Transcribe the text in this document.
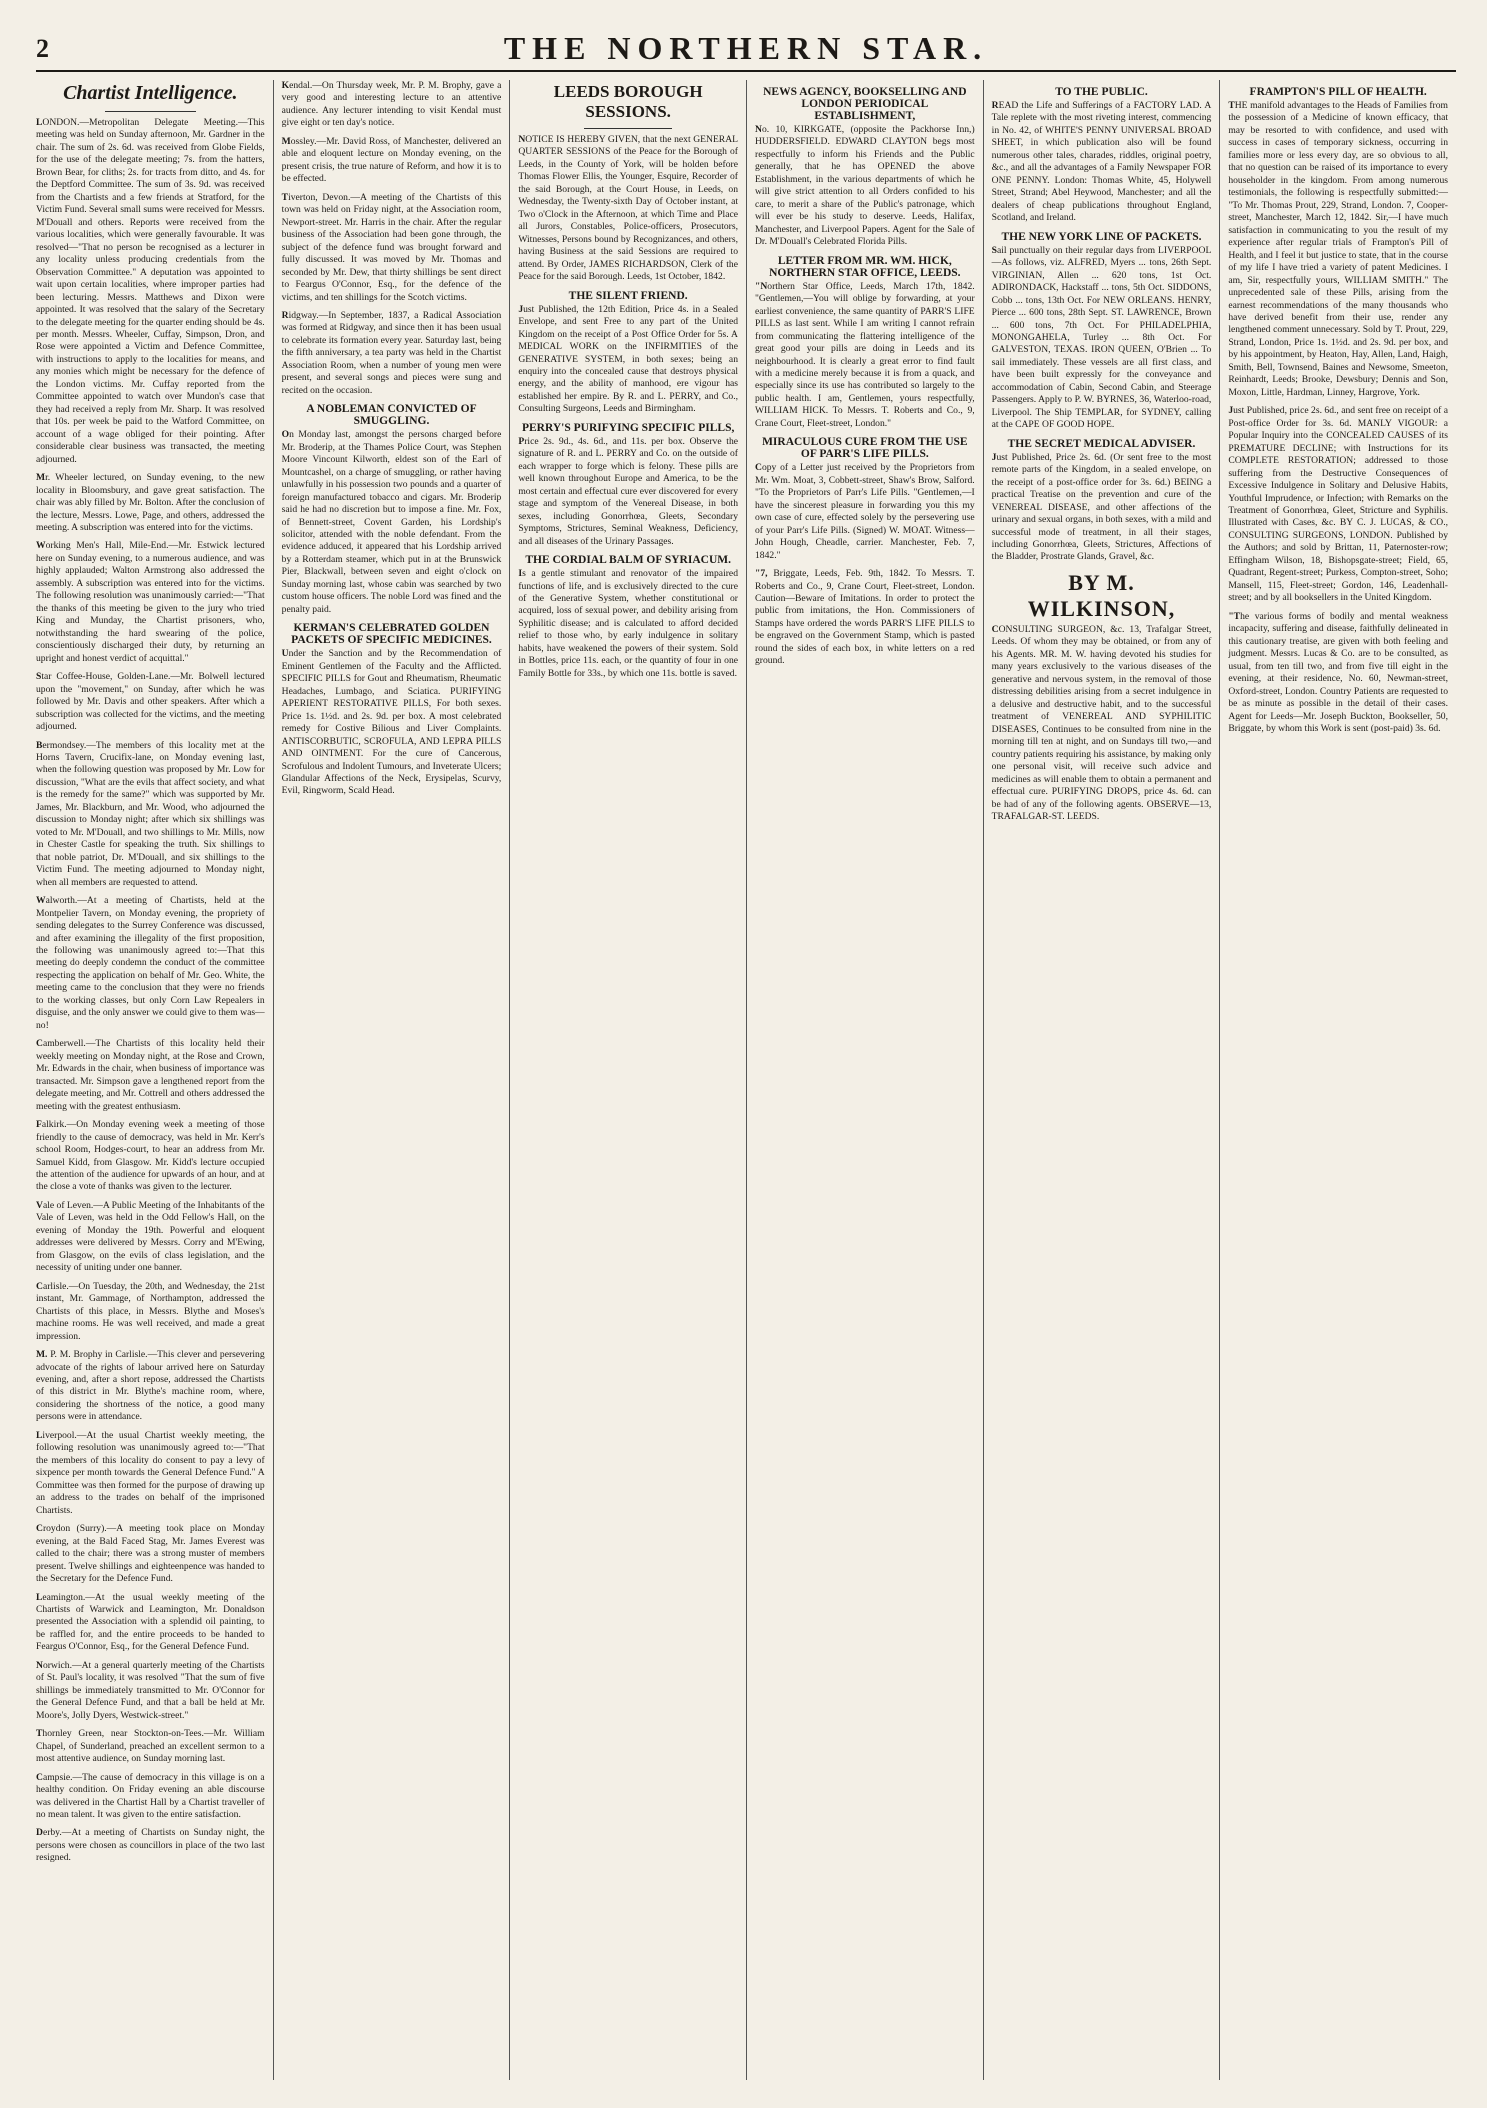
2	THE NORTHERN STAR.
Chartist Intelligence.

LONDON.—Metropolitan Delegate Meeting.—This meeting was held on Sunday afternoon, Mr. Gardner in the chair. The sum of 2s. 6d. was received from Globe Fields, for the use of the delegate meeting; 7s. from the hatters, Brown Bear, for cliths; 2s. for tracts from ditto, and 4s. for the Deptford Committee. The sum of 3s. 9d. was received from the Chartists and a few friends at Stratford, for the Victim Fund. Several small sums were received for Messrs. M'Douall and others. Reports were received from the various localities, which were generally favourable. It was resolved—"That no person be recognised as a lecturer in any locality unless producing credentials from the Observation Committee." A deputation was appointed to wait upon certain localities, where improper parties had been lecturing. Messrs. Matthews and Dixon were appointed. It was resolved that the salary of the Secretary to the delegate meeting for the quarter ending should be 4s. per month. Messrs. Wheeler, Cuffay, Simpson, Dron, and Rose were appointed a Victim and Defence Committee, with instructions to apply to the localities for means, and any monies which might be necessary for the defence of the London victims. Mr. Cuffay reported from the Committee appointed to watch over Mundon's case that they had received a reply from Mr. Sharp. It was resolved that 10s. per week be paid to the Watford Committee, on account of a wage obliged for their pointing. After considerable clear business was transacted, the meeting adjourned.

Mr. Wheeler lectured, on Sunday evening, to the new locality in Bloomsbury, and gave great satisfaction. The chair was ably filled by Mr. Bolton. After the conclusion of the lecture, Messrs. Lowe, Page, and others, addressed the meeting. A subscription was entered into for the victims.

Working Men's Hall, Mile-End.—Mr. Estwick lectured here on Sunday evening, to a numerous audience, and was highly applauded; Walton Armstrong also addressed the assembly. A subscription was entered into for the victims. The following resolution was unanimously carried:—"That the thanks of this meeting be given to the jury who tried King and Munday, the Chartist prisoners, who, notwithstanding the hard swearing of the police, conscientiously discharged their duty, by returning an upright and honest verdict of acquittal."

Star Coffee-House, Golden-Lane.—Mr. Bolwell lectured upon the "movement," on Sunday, after which he was followed by Mr. Davis and other speakers. After which a subscription was collected for the victims, and the meeting adjourned.

Bermondsey.—The members of this locality met at the Horns Tavern, Crucifix-lane, on Monday evening last, when the following question was proposed by Mr. Low for discussion, "What are the evils that affect society, and what is the remedy for the same?" which was supported by Mr. James, Mr. Blackburn, and Mr. Wood, who adjourned the discussion to Monday night; after which six shillings was voted to Mr. M'Douall, and two shillings to Mr. Mills, now in Chester Castle for speaking the truth. Six shillings to that noble patriot, Dr. M'Douall, and six shillings to the Victim Fund. The meeting adjourned to Monday night, when all members are requested to attend.

Walworth.—At a meeting of Chartists, held at the Montpelier Tavern, on Monday evening, the propriety of sending delegates to the Surrey Conference was discussed, and after examining the illegality of the first proposition, the following was unanimously agreed to:—That this meeting do deeply condemn the conduct of the committee respecting the application on behalf of Mr. Geo. White, the meeting came to the conclusion that they were no friends to the working classes, but only Corn Law Repealers in disguise, and the only answer we could give to them was—no!

Camberwell.—The Chartists of this locality held their weekly meeting on Monday night, at the Rose and Crown, Mr. Edwards in the chair, when business of importance was transacted. Mr. Simpson gave a lengthened report from the delegate meeting, and Mr. Cottrell and others addressed the meeting with the greatest enthusiasm.

Falkirk.—On Monday evening week a meeting of those friendly to the cause of democracy, was held in Mr. Kerr's school Room, Hodges-court, to hear an address from Mr. Samuel Kidd, from Glasgow. Mr. Kidd's lecture occupied the attention of the audience for upwards of an hour, and at the close a vote of thanks was given to the lecturer.

Vale of Leven.—A Public Meeting of the Inhabitants of the Vale of Leven, was held in the Odd Fellow's Hall, on the evening of Monday the 19th. Powerful and eloquent addresses were delivered by Messrs. Corry and M'Ewing, from Glasgow, on the evils of class legislation, and the necessity of uniting under one banner.

Carlisle.—On Tuesday, the 20th, and Wednesday, the 21st instant, Mr. Gammage, of Northampton, addressed the Chartists of this place, in Messrs. Blythe and Moses's machine rooms. He was well received, and made a great impression.

M. P. M. Brophy in Carlisle.—This clever and persevering advocate of the rights of labour arrived here on Saturday evening, and, after a short repose, addressed the Chartists of this district in Mr. Blythe's machine room, where, considering the shortness of the notice, a good many persons were in attendance.

Liverpool.—At the usual Chartist weekly meeting, the following resolution was unanimously agreed to:—"That the members of this locality do consent to pay a levy of sixpence per month towards the General Defence Fund." A Committee was then formed for the purpose of drawing up an address to the trades on behalf of the imprisoned Chartists.

Croydon (Surry).—A meeting took place on Monday evening, at the Bald Faced Stag, Mr. James Everest was called to the chair; there was a strong muster of members present. Twelve shillings and eighteenpence was handed to the Secretary for the Defence Fund.

Leamington.—At the usual weekly meeting of the Chartists of Warwick and Leamington, Mr. Donaldson presented the Association with a splendid oil painting, to be raffled for, and the entire proceeds to be handed to Feargus O'Connor, Esq., for the General Defence Fund.

Norwich.—At a general quarterly meeting of the Chartists of St. Paul's locality, it was resolved "That the sum of five shillings be immediately transmitted to Mr. O'Connor for the General Defence Fund, and that a ball be held at Mr. Moore's, Jolly Dyers, Westwick-street."

Thornley Green, near Stockton-on-Tees.—Mr. William Chapel, of Sunderland, preached an excellent sermon to a most attentive audience, on Sunday morning last.

Campsie.—The cause of democracy in this village is on a healthy condition. On Friday evening an able discourse was delivered in the Chartist Hall by a Chartist traveller of no mean talent. It was given to the entire satisfaction.

Derby.—At a meeting of Chartists on Sunday night, the persons were chosen as councillors in place of the two last resigned.

Kendal.—On Thursday week, Mr. P. M. Brophy, gave a very good and interesting lecture to an attentive audience. Any lecturer intending to visit Kendal must give eight or ten day's notice.

Mossley.—Mr. David Ross, of Manchester, delivered an able and eloquent lecture on Monday evening, on the present crisis, the true nature of Reform, and how it is to be effected.

Tiverton, Devon.—A meeting of the Chartists of this town was held on Friday night, at the Association room, Newport-street. Mr. Harris in the chair. After the regular business of the Association had been gone through, the subject of the defence fund was brought forward and fully discussed. It was moved by Mr. Thomas and seconded by Mr. Dew, that thirty shillings be sent direct to Feargus O'Connor, Esq., for the defence of the victims, and ten shillings for the Scotch victims.

Ridgway.—In September, 1837, a Radical Association was formed at Ridgway, and since then it has been usual to celebrate its formation every year. Saturday last, being the fifth anniversary, a tea party was held in the Chartist Association Room, when a number of young men were present, and several songs and pieces were sung and recited on the occasion.

A NOBLEMAN CONVICTED OF SMUGGLING.

On Monday last, amongst the persons charged before Mr. Broderip, at the Thames Police Court, was Stephen Moore Vincount Kilworth, eldest son of the Earl of Mountcashel, on a charge of smuggling, or rather having unlawfully in his possession two pounds and a quarter of foreign manufactured tobacco and cigars. Mr. Broderip said he had no discretion but to impose a fine. Mr. Fox, of Bennett-street, Covent Garden, his Lordship's solicitor, attended with the noble defendant. From the evidence adduced, it appeared that his Lordship arrived by a Rotterdam steamer, which put in at the Brunswick Pier, Blackwall, between seven and eight o'clock on Sunday morning last, whose cabin was searched by two custom house officers. The noble Lord was fined and the penalty paid.

KERMAN'S CELEBRATED GOLDEN PACKETS OF SPECIFIC MEDICINES.

Under the Sanction and by the Recommendation of Eminent Gentlemen of the Faculty and the Afflicted. SPECIFIC PILLS for Gout and Rheumatism, Rheumatic Headaches, Lumbago, and Sciatica. PURIFYING APERIENT RESTORATIVE PILLS, For both sexes. Price 1s. 1½d. and 2s. 9d. per box. A most celebrated remedy for Costive Bilious and Liver Complaints. ANTISCORBUTIC, SCROFULA, AND LEPRA PILLS AND OINTMENT. For the cure of Cancerous, Scrofulous and Indolent Tumours, and Inveterate Ulcers; Glandular Affections of the Neck, Erysipelas, Scurvy, Evil, Ringworm, Scald Head.

LEEDS BOROUGH SESSIONS.

NOTICE IS HEREBY GIVEN, that the next GENERAL QUARTER SESSIONS of the Peace for the Borough of Leeds, in the County of York, will be holden before Thomas Flower Ellis, the Younger, Esquire, Recorder of the said Borough, at the Court House, in Leeds, on Wednesday, the Twenty-sixth Day of October instant, at Two o'Clock in the Afternoon, at which Time and Place all Jurors, Constables, Police-officers, Prosecutors, Witnesses, Persons bound by Recognizances, and others, having Business at the said Sessions are required to attend. By Order, JAMES RICHARDSON, Clerk of the Peace for the said Borough. Leeds, 1st October, 1842.

THE SILENT FRIEND.

Just Published, the 12th Edition, Price 4s. in a Sealed Envelope, and sent Free to any part of the United Kingdom on the receipt of a Post Office Order for 5s. A MEDICAL WORK on the INFIRMITIES of the GENERATIVE SYSTEM, in both sexes; being an enquiry into the concealed cause that destroys physical energy, and the ability of manhood, ere vigour has established her empire. By R. and L. PERRY, and Co., Consulting Surgeons, Leeds and Birmingham.

PERRY'S PURIFYING SPECIFIC PILLS,

Price 2s. 9d., 4s. 6d., and 11s. per box. Observe the signature of R. and L. PERRY and Co. on the outside of each wrapper to forge which is felony. These pills are well known throughout Europe and America, to be the most certain and effectual cure ever discovered for every stage and symptom of the Venereal Disease, in both sexes, including Gonorrhœa, Gleets, Secondary Symptoms, Strictures, Seminal Weakness, Deficiency, and all diseases of the Urinary Passages.

THE CORDIAL BALM OF SYRIACUM.

Is a gentle stimulant and renovator of the impaired functions of life, and is exclusively directed to the cure of the Generative System, whether constitutional or acquired, loss of sexual power, and debility arising from Syphilitic disease; and is calculated to afford decided relief to those who, by early indulgence in solitary habits, have weakened the powers of their system. Sold in Bottles, price 11s. each, or the quantity of four in one Family Bottle for 33s., by which one 11s. bottle is saved.

NEWS AGENCY, BOOKSELLING AND LONDON PERIODICAL ESTABLISHMENT,

No. 10, KIRKGATE, (opposite the Packhorse Inn,) HUDDERSFIELD. EDWARD CLAYTON begs most respectfully to inform his Friends and the Public generally, that he has OPENED the above Establishment, in the various departments of which he will give strict attention to all Orders confided to his care, to merit a share of the Public's patronage, which will ever be his study to deserve. Leeds, Halifax, Manchester, and Liverpool Papers. Agent for the Sale of Dr. M'Douall's Celebrated Florida Pills.

LETTER FROM MR. WM. HICK, NORTHERN STAR OFFICE, LEEDS.

"Northern Star Office, Leeds, March 17th, 1842. "Gentlemen,—You will oblige by forwarding, at your earliest convenience, the same quantity of PARR'S LIFE PILLS as last sent. While I am writing I cannot refrain from communicating the flattering intelligence of the great good your pills are doing in Leeds and its neighbourhood. It is clearly a great error to find fault with a medicine merely because it is from a quack, and especially since its use has contributed so largely to the public health. I am, Gentlemen, yours respectfully, WILLIAM HICK. To Messrs. T. Roberts and Co., 9, Crane Court, Fleet-street, London."

MIRACULOUS CURE FROM THE USE OF PARR'S LIFE PILLS.

Copy of a Letter just received by the Proprietors from Mr. Wm. Moat, 3, Cobbett-street, Shaw's Brow, Salford. "To the Proprietors of Parr's Life Pills. "Gentlemen,—I have the sincerest pleasure in forwarding you this my own case of cure, effected solely by the persevering use of your Parr's Life Pills. (Signed) W. MOAT. Witness—John Hough, Cheadle, carrier. Manchester, Feb. 7, 1842."

"7, Briggate, Leeds, Feb. 9th, 1842. To Messrs. T. Roberts and Co., 9, Crane Court, Fleet-street, London. Caution—Beware of Imitations. In order to protect the public from imitations, the Hon. Commissioners of Stamps have ordered the words PARR'S LIFE PILLS to be engraved on the Government Stamp, which is pasted round the sides of each box, in white letters on a red ground.

TO THE PUBLIC.

READ the Life and Sufferings of a FACTORY LAD. A Tale replete with the most riveting interest, commencing in No. 42, of WHITE'S PENNY UNIVERSAL BROAD SHEET, in which publication also will be found numerous other tales, charades, riddles, original poetry, &c., and all the advantages of a Family Newspaper FOR ONE PENNY. London: Thomas White, 45, Holywell Street, Strand; Abel Heywood, Manchester; and all the dealers of cheap publications throughout England, Scotland, and Ireland.

THE NEW YORK LINE OF PACKETS.

Sail punctually on their regular days from LIVERPOOL—As follows, viz. ALFRED, Myers ... tons, 26th Sept. VIRGINIAN, Allen ... 620 tons, 1st Oct. ADIRONDACK, Hackstaff ... tons, 5th Oct. SIDDONS, Cobb ... tons, 13th Oct. For NEW ORLEANS. HENRY, Pierce ... 600 tons, 28th Sept. ST. LAWRENCE, Brown ... 600 tons, 7th Oct. For PHILADELPHIA, MONONGAHELA, Turley ... 8th Oct. For GALVESTON, TEXAS. IRON QUEEN, O'Brien ... To sail immediately. These vessels are all first class, and have been built expressly for the conveyance and accommodation of Cabin, Second Cabin, and Steerage Passengers. Apply to P. W. BYRNES, 36, Waterloo-road, Liverpool. The Ship TEMPLAR, for SYDNEY, calling at the CAPE OF GOOD HOPE.

THE SECRET MEDICAL ADVISER.

Just Published, Price 2s. 6d. (Or sent free to the most remote parts of the Kingdom, in a sealed envelope, on the receipt of a post-office order for 3s. 6d.) BEING a practical Treatise on the prevention and cure of the VENEREAL DISEASE, and other affections of the urinary and sexual organs, in both sexes, with a mild and successful mode of treatment, in all their stages, including Gonorrhœa, Gleets, Strictures, Affections of the Bladder, Prostrate Glands, Gravel, &c.

BY M. WILKINSON,

CONSULTING SURGEON, &c. 13, Trafalgar Street, Leeds. Of whom they may be obtained, or from any of his Agents. MR. M. W. having devoted his studies for many years exclusively to the various diseases of the generative and nervous system, in the removal of those distressing debilities arising from a secret indulgence in a delusive and destructive habit, and to the successful treatment of VENEREAL AND SYPHILITIC DISEASES, Continues to be consulted from nine in the morning till ten at night, and on Sundays till two,—and country patients requiring his assistance, by making only one personal visit, will receive such advice and medicines as will enable them to obtain a permanent and effectual cure. PURIFYING DROPS, price 4s. 6d. can be had of any of the following agents. OBSERVE—13, TRAFALGAR-ST. LEEDS.

FRAMPTON'S PILL OF HEALTH.

THE manifold advantages to the Heads of Families from the possession of a Medicine of known efficacy, that may be resorted to with confidence, and used with success in cases of temporary sickness, occurring in families more or less every day, are so obvious to all, that no question can be raised of its importance to every householder in the kingdom. From among numerous testimonials, the following is respectfully submitted:— "To Mr. Thomas Prout, 229, Strand, London. 7, Cooper-street, Manchester, March 12, 1842. Sir,—I have much satisfaction in communicating to you the result of my experience after regular trials of Frampton's Pill of Health, and I feel it but justice to state, that in the course of my life I have tried a variety of patent Medicines. I am, Sir, respectfully yours, WILLIAM SMITH." The unprecedented sale of these Pills, arising from the earnest recommendations of the many thousands who have derived benefit from their use, render any lengthened comment unnecessary. Sold by T. Prout, 229, Strand, London, Price 1s. 1½d. and 2s. 9d. per box, and by his appointment, by Heaton, Hay, Allen, Land, Haigh, Smith, Bell, Townsend, Baines and Newsome, Smeeton, Reinhardt, Leeds; Brooke, Dewsbury; Dennis and Son, Moxon, Little, Hardman, Linney, Hargrove, York.

Just Published, price 2s. 6d., and sent free on receipt of a Post-office Order for 3s. 6d. MANLY VIGOUR: a Popular Inquiry into the CONCEALED CAUSES of its PREMATURE DECLINE; with Instructions for its COMPLETE RESTORATION; addressed to those suffering from the Destructive Consequences of Excessive Indulgence in Solitary and Delusive Habits, Youthful Imprudence, or Infection; with Remarks on the Treatment of Gonorrhœa, Gleet, Stricture and Syphilis. Illustrated with Cases, &c. BY C. J. LUCAS, & CO., CONSULTING SURGEONS, LONDON. Published by the Authors; and sold by Brittan, 11, Paternoster-row; Effingham Wilson, 18, Bishopsgate-street; Field, 65, Quadrant, Regent-street; Purkess, Compton-street, Soho; Mansell, 115, Fleet-street; Gordon, 146, Leadenhall-street; and by all booksellers in the United Kingdom.

"The various forms of bodily and mental weakness incapacity, suffering and disease, faithfully delineated in this cautionary treatise, are given with both feeling and judgment. Messrs. Lucas & Co. are to be consulted, as usual, from ten till two, and from five till eight in the evening, at their residence, No. 60, Newman-street, Oxford-street, London. Country Patients are requested to be as minute as possible in the detail of their cases. Agent for Leeds—Mr. Joseph Buckton, Bookseller, 50, Briggate, by whom this Work is sent (post-paid) 3s. 6d.
